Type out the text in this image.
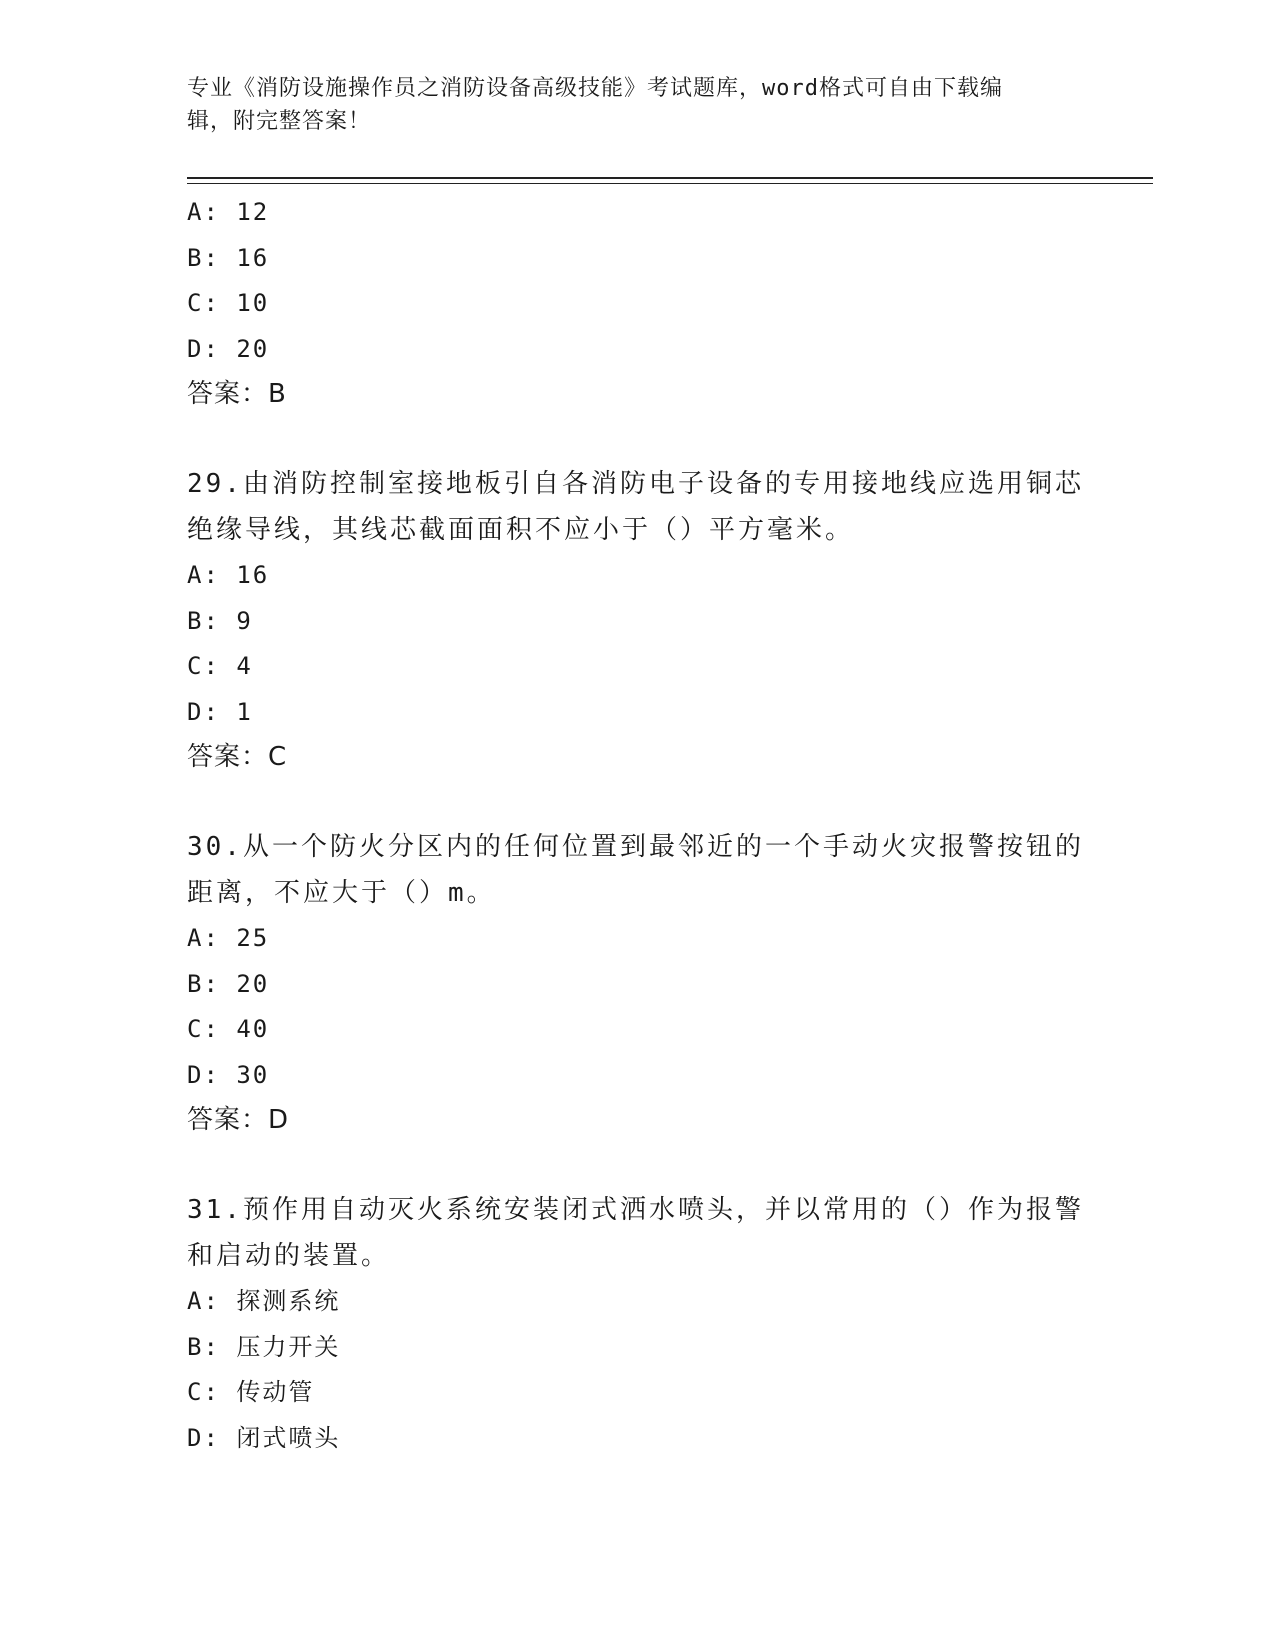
专业《消防设施操作员之消防设备高级技能》考试题库，word格式可自由下载编
辑，附完整答案！
A: 12
B: 16
C: 10
D: 20
答案：B
29.由消防控制室接地板引自各消防电子设备的专用接地线应选用铜芯
绝缘导线，其线芯截面面积不应小于（）平方毫米。
A: 16
B: 9
C: 4
D: 1
答案：C
30.从一个防火分区内的任何位置到最邻近的一个手动火灾报警按钮的
距离，不应大于（）m。
A: 25
B: 20
C: 40
D: 30
答案：D
31.预作用自动灭火系统安装闭式洒水喷头，并以常用的（）作为报警
和启动的装置。
A: 探测系统
B: 压力开关
C: 传动管
D: 闭式喷头
